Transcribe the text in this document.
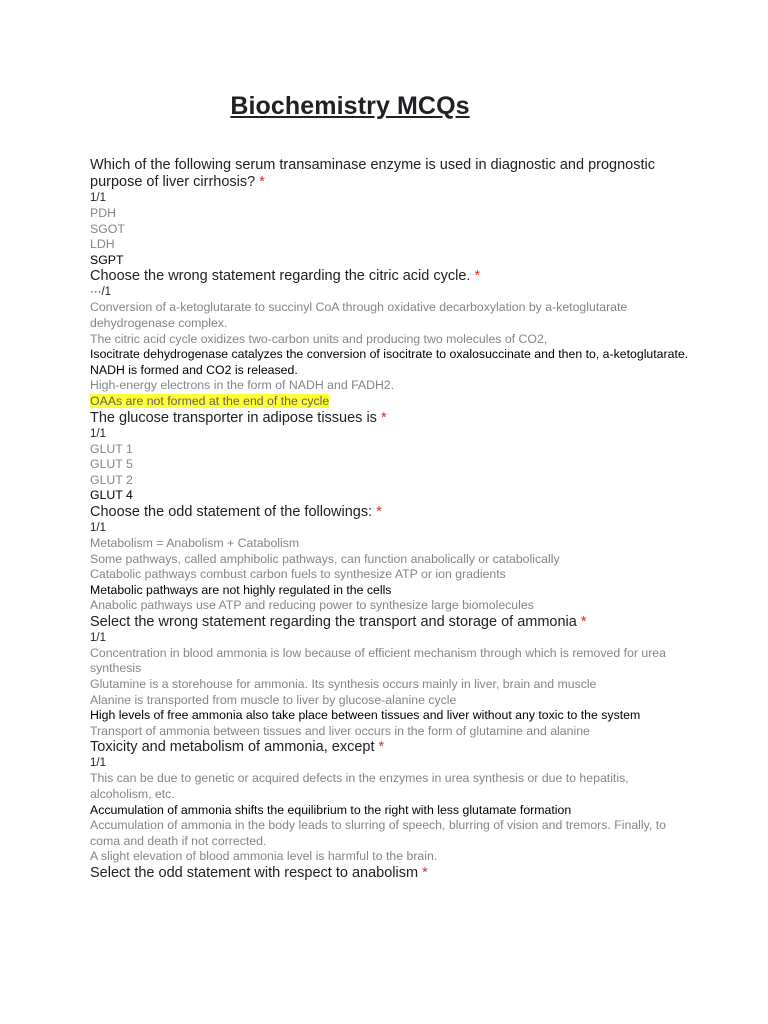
Biochemistry MCQs
Which of the following serum transaminase enzyme is used in diagnostic and prognostic purpose of liver cirrhosis? *
1/1
PDH
SGOT
LDH
SGPT
Choose the wrong statement regarding the citric acid cycle. *
···/1
Conversion of a-ketoglutarate to succinyl CoA through oxidative decarboxylation by a-ketoglutarate dehydrogenase complex.
The citric acid cycle oxidizes two-carbon units and producing two molecules of CO2,
Isocitrate dehydrogenase catalyzes the conversion of isocitrate to oxalosuccinate and then to, a-ketoglutarate. NADH is formed and CO2 is released.
High-energy electrons in the form of NADH and FADH2.
OAAs are not formed at the end of the cycle
The glucose transporter in adipose tissues is *
1/1
GLUT 1
GLUT 5
GLUT 2
GLUT 4
Choose the odd statement of the followings: *
1/1
Metabolism = Anabolism + Catabolism
Some pathways, called amphibolic pathways, can function anabolically or catabolically
Catabolic pathways combust carbon fuels to synthesize ATP or ion gradients
Metabolic pathways are not highly regulated in the cells
Anabolic pathways use ATP and reducing power to synthesize large biomolecules
Select the wrong statement regarding the transport and storage of ammonia *
1/1
Concentration in blood ammonia is low because of efficient mechanism through which is removed for urea synthesis
Glutamine is a storehouse for ammonia. Its synthesis occurs mainly in liver, brain and muscle
Alanine is transported from muscle to liver by glucose-alanine cycle
High levels of free ammonia also take place between tissues and liver without any toxic to the system
Transport of ammonia between tissues and liver occurs in the form of glutamine and alanine
Toxicity and metabolism of ammonia, except *
1/1
This can be due to genetic or acquired defects in the enzymes in urea synthesis or due to hepatitis, alcoholism, etc.
Accumulation of ammonia shifts the equilibrium to the right with less glutamate formation
Accumulation of ammonia in the body leads to slurring of speech, blurring of vision and tremors. Finally, to coma and death if not corrected.
A slight elevation of blood ammonia level is harmful to the brain.
Select the odd statement with respect to anabolism *
